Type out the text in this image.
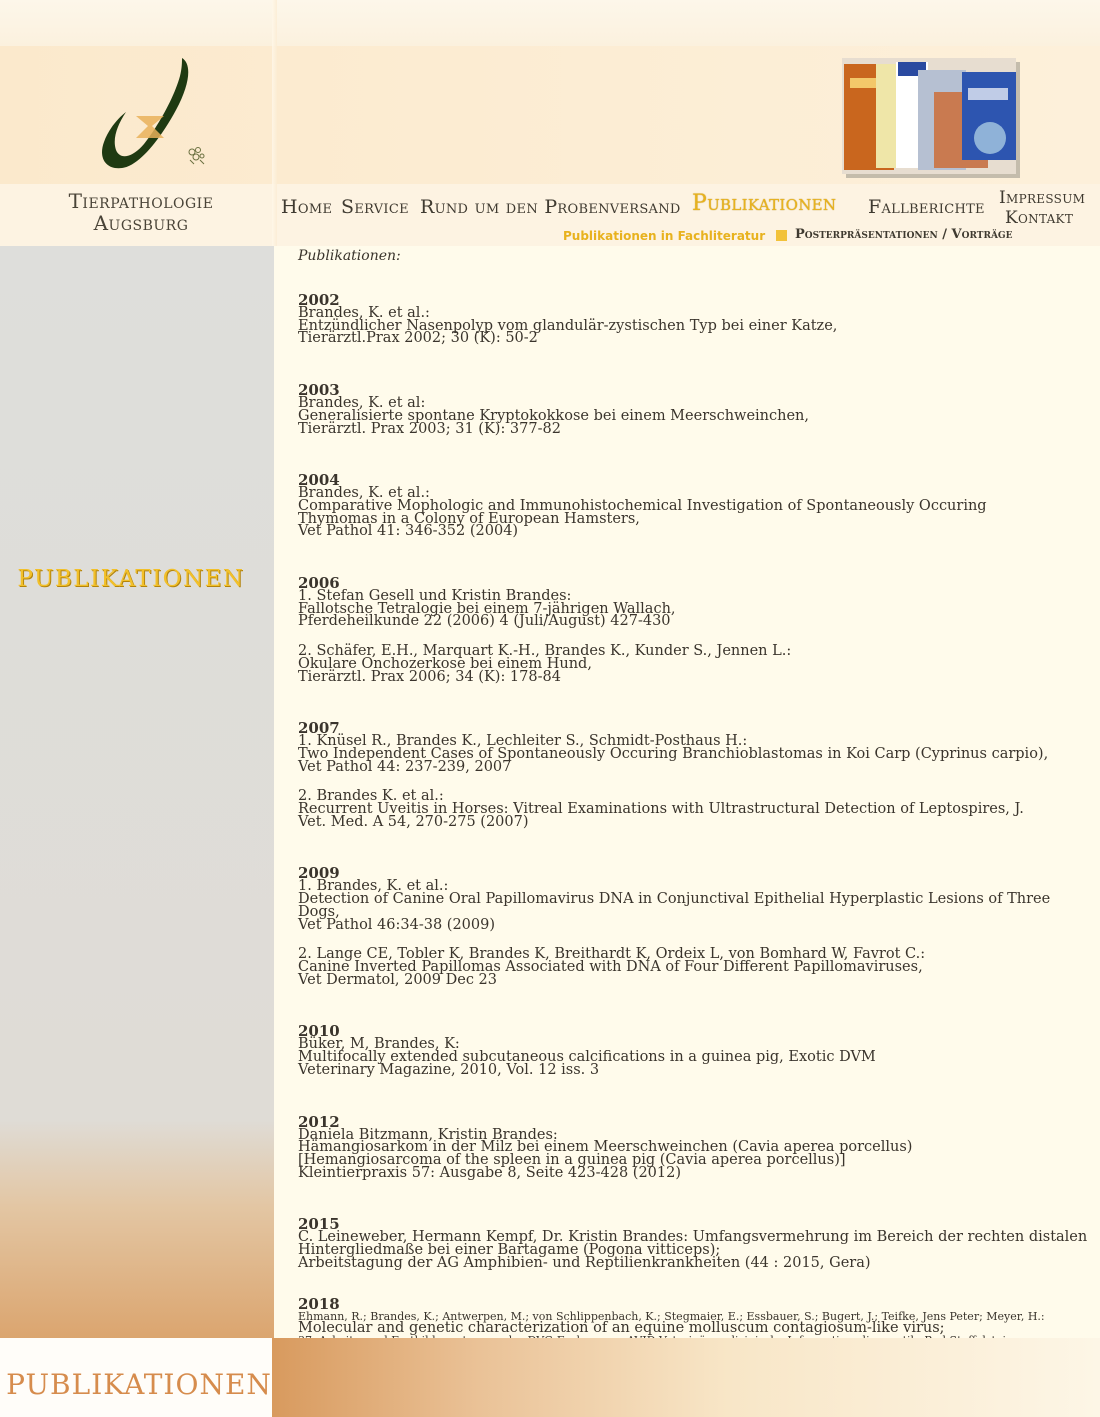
Tierpathologie
Augsburg
Home Service Rund um den Probenversand Publikationen Fallberichte Impressum
Kontakt
Publikationen in Fachliteratur Posterpräsentationen / Vorträge
PUBLIKATIONEN
Publikationen:
2002
Brandes, K. et al.:
Entzündlicher Nasenpolyp vom glandulär-zystischen Typ bei einer Katze,
Tierärztl.Prax 2002; 30 (K): 50-2
2003
Brandes, K. et al:
Generalisierte spontane Kryptokokkose bei einem Meerschweinchen,
Tierärztl. Prax 2003; 31 (K): 377-82
2004
Brandes, K. et al.:
Comparative Mophologic and Immunohistochemical Investigation of Spontaneously Occuring
Thymomas in a Colony of European Hamsters,
Vet Pathol 41: 346-352 (2004)
2006
1. Stefan Gesell und Kristin Brandes:
Fallotsche Tetralogie bei einem 7-jährigen Wallach,
Pferdeheilkunde 22 (2006) 4 (Juli/August) 427-430
2. Schäfer, E.H., Marquart K.-H., Brandes K., Kunder S., Jennen L.:
Okulare Onchozerkose bei einem Hund,
Tierärztl. Prax 2006; 34 (K): 178-84
2007
1. Knüsel R., Brandes K., Lechleiter S., Schmidt-Posthaus H.:
Two Independent Cases of Spontaneously Occuring Branchioblastomas in Koi Carp (Cyprinus carpio),
Vet Pathol 44: 237-239, 2007
2. Brandes K. et al.:
Recurrent Uveitis in Horses: Vitreal Examinations with Ultrastructural Detection of Leptospires, J.
Vet. Med. A 54, 270-275 (2007)
2009
1. Brandes, K. et al.:
Detection of Canine Oral Papillomavirus DNA in Conjunctival Epithelial Hyperplastic Lesions of Three Dogs,
Vet Pathol 46:34-38 (2009)
2. Lange CE, Tobler K, Brandes K, Breithardt K, Ordeix L, von Bomhard W, Favrot C.:
Canine Inverted Papillomas Associated with DNA of Four Different Papillomaviruses,
Vet Dermatol, 2009 Dec 23
2010
Büker, M, Brandes, K:
Multifocally extended subcutaneous calcifications in a guinea pig, Exotic DVM
Veterinary Magazine, 2010, Vol. 12 iss. 3
2012
Daniela Bitzmann, Kristin Brandes:
Hämangiosarkom in der Milz bei einem Meerschweinchen (Cavia aperea porcellus)
[Hemangiosarcoma of the spleen in a guinea pig (Cavia aperea porcellus)]
Kleintierpraxis 57: Ausgabe 8, Seite 423-428 (2012)
2015
C. Leineweber, Hermann Kempf, Dr. Kristin Brandes: Umfangsvermehrung im Bereich der rechten distalen
Hintergliedmaße bei einer Bartagame (Pogona vitticeps);
Arbeitstagung der AG Amphibien- und Reptilienkrankheiten (44 : 2015, Gera)
2018
Ehmann, R.; Brandes, K.; Antwerpen, M.; von Schlippenbach, K.; Stegmaier, E.; Essbauer, S.; Bugert, J.; Teifke, Jens Peter; Meyer, H.:
Molecular and genetic characterization of an equine molluscum contagiosum-like virus;
PUBLIKATIONEN
